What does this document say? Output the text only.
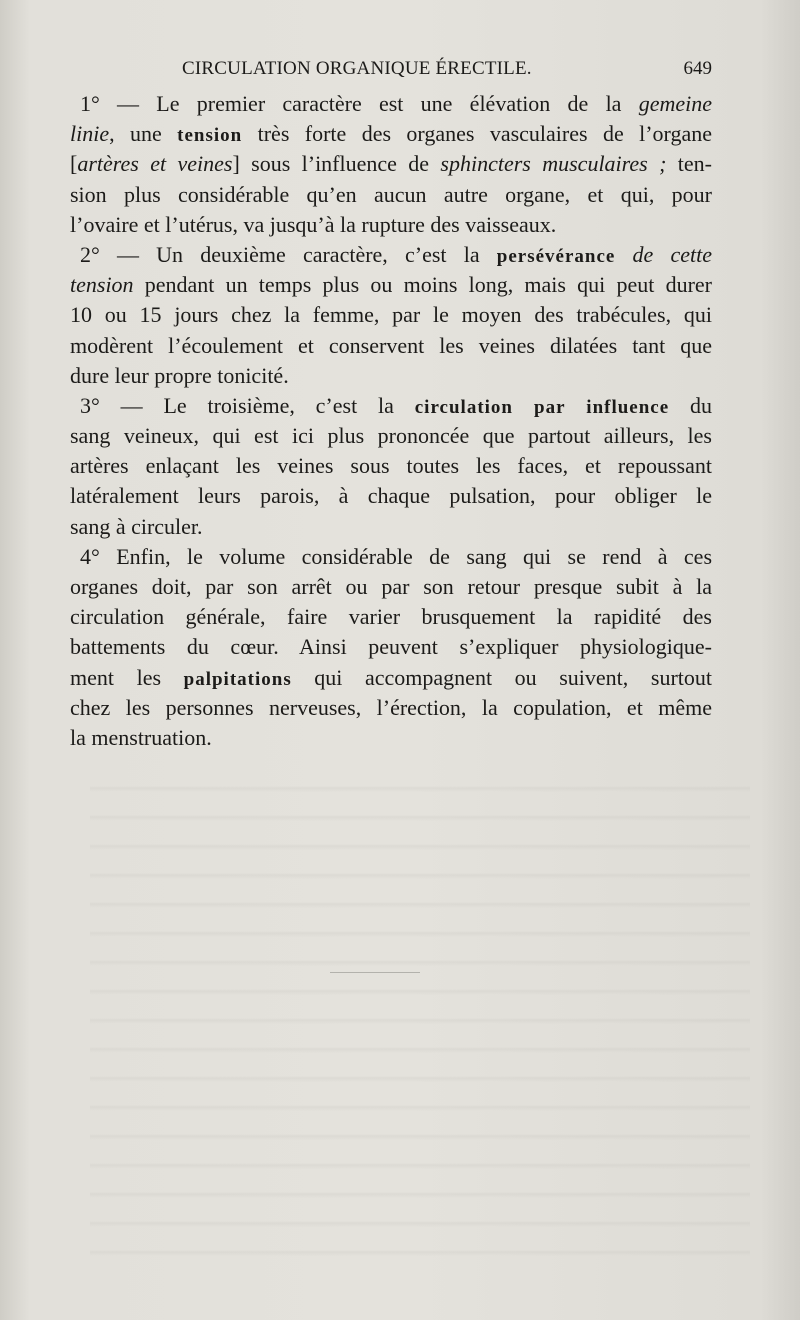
CIRCULATION ORGANIQUE ÉRECTILE.	649
1° — Le premier caractère est une élévation de la gemeine
linie, une tension très forte des organes vasculaires de l’organe
[artères et veines] sous l’influence de sphincters musculaires ; ten-
sion plus considérable qu’en aucun autre organe, et qui, pour
l’ovaire et l’utérus, va jusqu’à la rupture des vaisseaux.
2° — Un deuxième caractère, c’est la persévérance de cette
tension pendant un temps plus ou moins long, mais qui peut durer
10 ou 15 jours chez la femme, par le moyen des trabécules, qui
modèrent l’écoulement et conservent les veines dilatées tant que
dure leur propre tonicité.
3° — Le troisième, c’est la circulation par influence du
sang veineux, qui est ici plus prononcée que partout ailleurs, les
artères enlaçant les veines sous toutes les faces, et repoussant
latéralement leurs parois, à chaque pulsation, pour obliger le
sang à circuler.
4° Enfin, le volume considérable de sang qui se rend à ces
organes doit, par son arrêt ou par son retour presque subit à la
circulation générale, faire varier brusquement la rapidité des
battements du cœur. Ainsi peuvent s’expliquer physiologique-
ment les palpitations qui accompagnent ou suivent, surtout
chez les personnes nerveuses, l’érection, la copulation, et même
la menstruation.
